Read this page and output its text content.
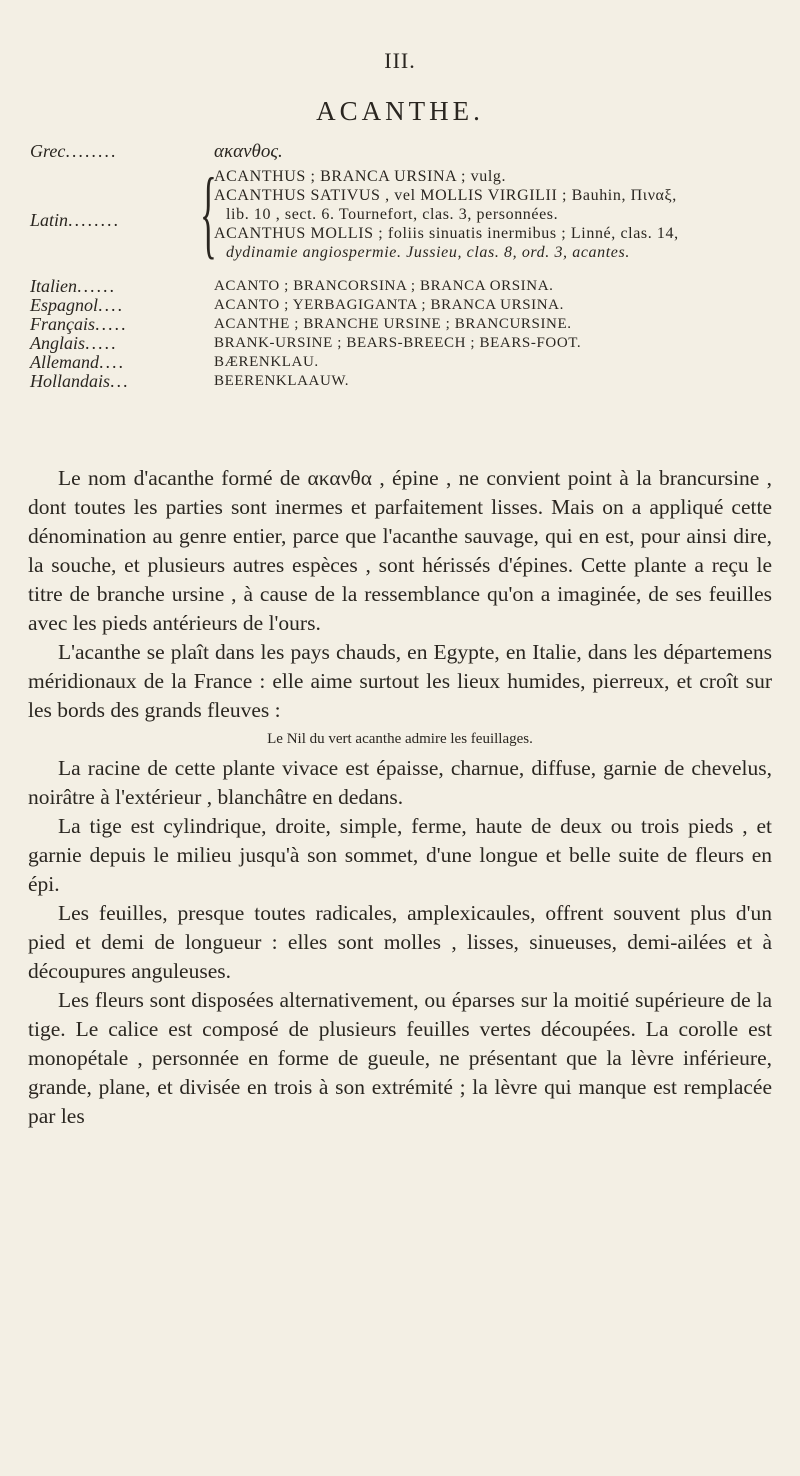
III.
ACANTHE.
Grec........	ακανθος.
Latin........ {
ACANTHUS ; BRANCA URSINA ; vulg.
ACANTHUS SATIVUS , vel MOLLIS VIRGILII ; Bauhin, Πιναξ,
lib. 10 , sect. 6. Tournefort, clas. 3, personnées.
ACANTHUS MOLLIS ; foliis sinuatis inermibus ; Linné, clas. 14,
dydinamie angiospermie. Jussieu, clas. 8, ord. 3, acantes.
Italien......	ACANTO ; BRANCORSINA ; BRANCA ORSINA.
Espagnol....	ACANTO ; YERBAGIGANTA ; BRANCA URSINA.
Français.....	ACANTHE ; BRANCHE URSINE ; BRANCURSINE.
Anglais.....	BRANK-URSINE ; BEARS-BREECH ; BEARS-FOOT.
Allemand....	BÆRENKLAU.
Hollandais...	BEERENKLAAUW.

Le nom d'acanthe formé de ακανθα , épine , ne convient point à la brancursine , dont toutes les parties sont inermes et parfaitement lisses. Mais on a appliqué cette dénomination au genre entier, parce que l'acanthe sauvage, qui en est, pour ainsi dire, la souche, et plusieurs autres espèces , sont hérissés d'épines. Cette plante a reçu le titre de branche ursine , à cause de la ressemblance qu'on a imaginée, de ses feuilles avec les pieds antérieurs de l'ours.

L'acanthe se plaît dans les pays chauds, en Egypte, en Italie, dans les départemens méridionaux de la France : elle aime surtout les lieux humides, pierreux, et croît sur les bords des grands fleuves :

Le Nil du vert acanthe admire les feuillages.

La racine de cette plante vivace est épaisse, charnue, diffuse, garnie de chevelus, noirâtre à l'extérieur , blanchâtre en dedans.

La tige est cylindrique, droite, simple, ferme, haute de deux ou trois pieds , et garnie depuis le milieu jusqu'à son sommet, d'une longue et belle suite de fleurs en épi.

Les feuilles, presque toutes radicales, amplexicaules, offrent souvent plus d'un pied et demi de longueur : elles sont molles , lisses, sinueuses, demi-ailées et à découpures anguleuses.

Les fleurs sont disposées alternativement, ou éparses sur la moitié supérieure de la tige. Le calice est composé de plusieurs feuilles vertes découpées. La corolle est monopétale , personnée en forme de gueule, ne présentant que la lèvre inférieure, grande, plane, et divisée en trois à son extrémité ; la lèvre qui manque est remplacée par les
